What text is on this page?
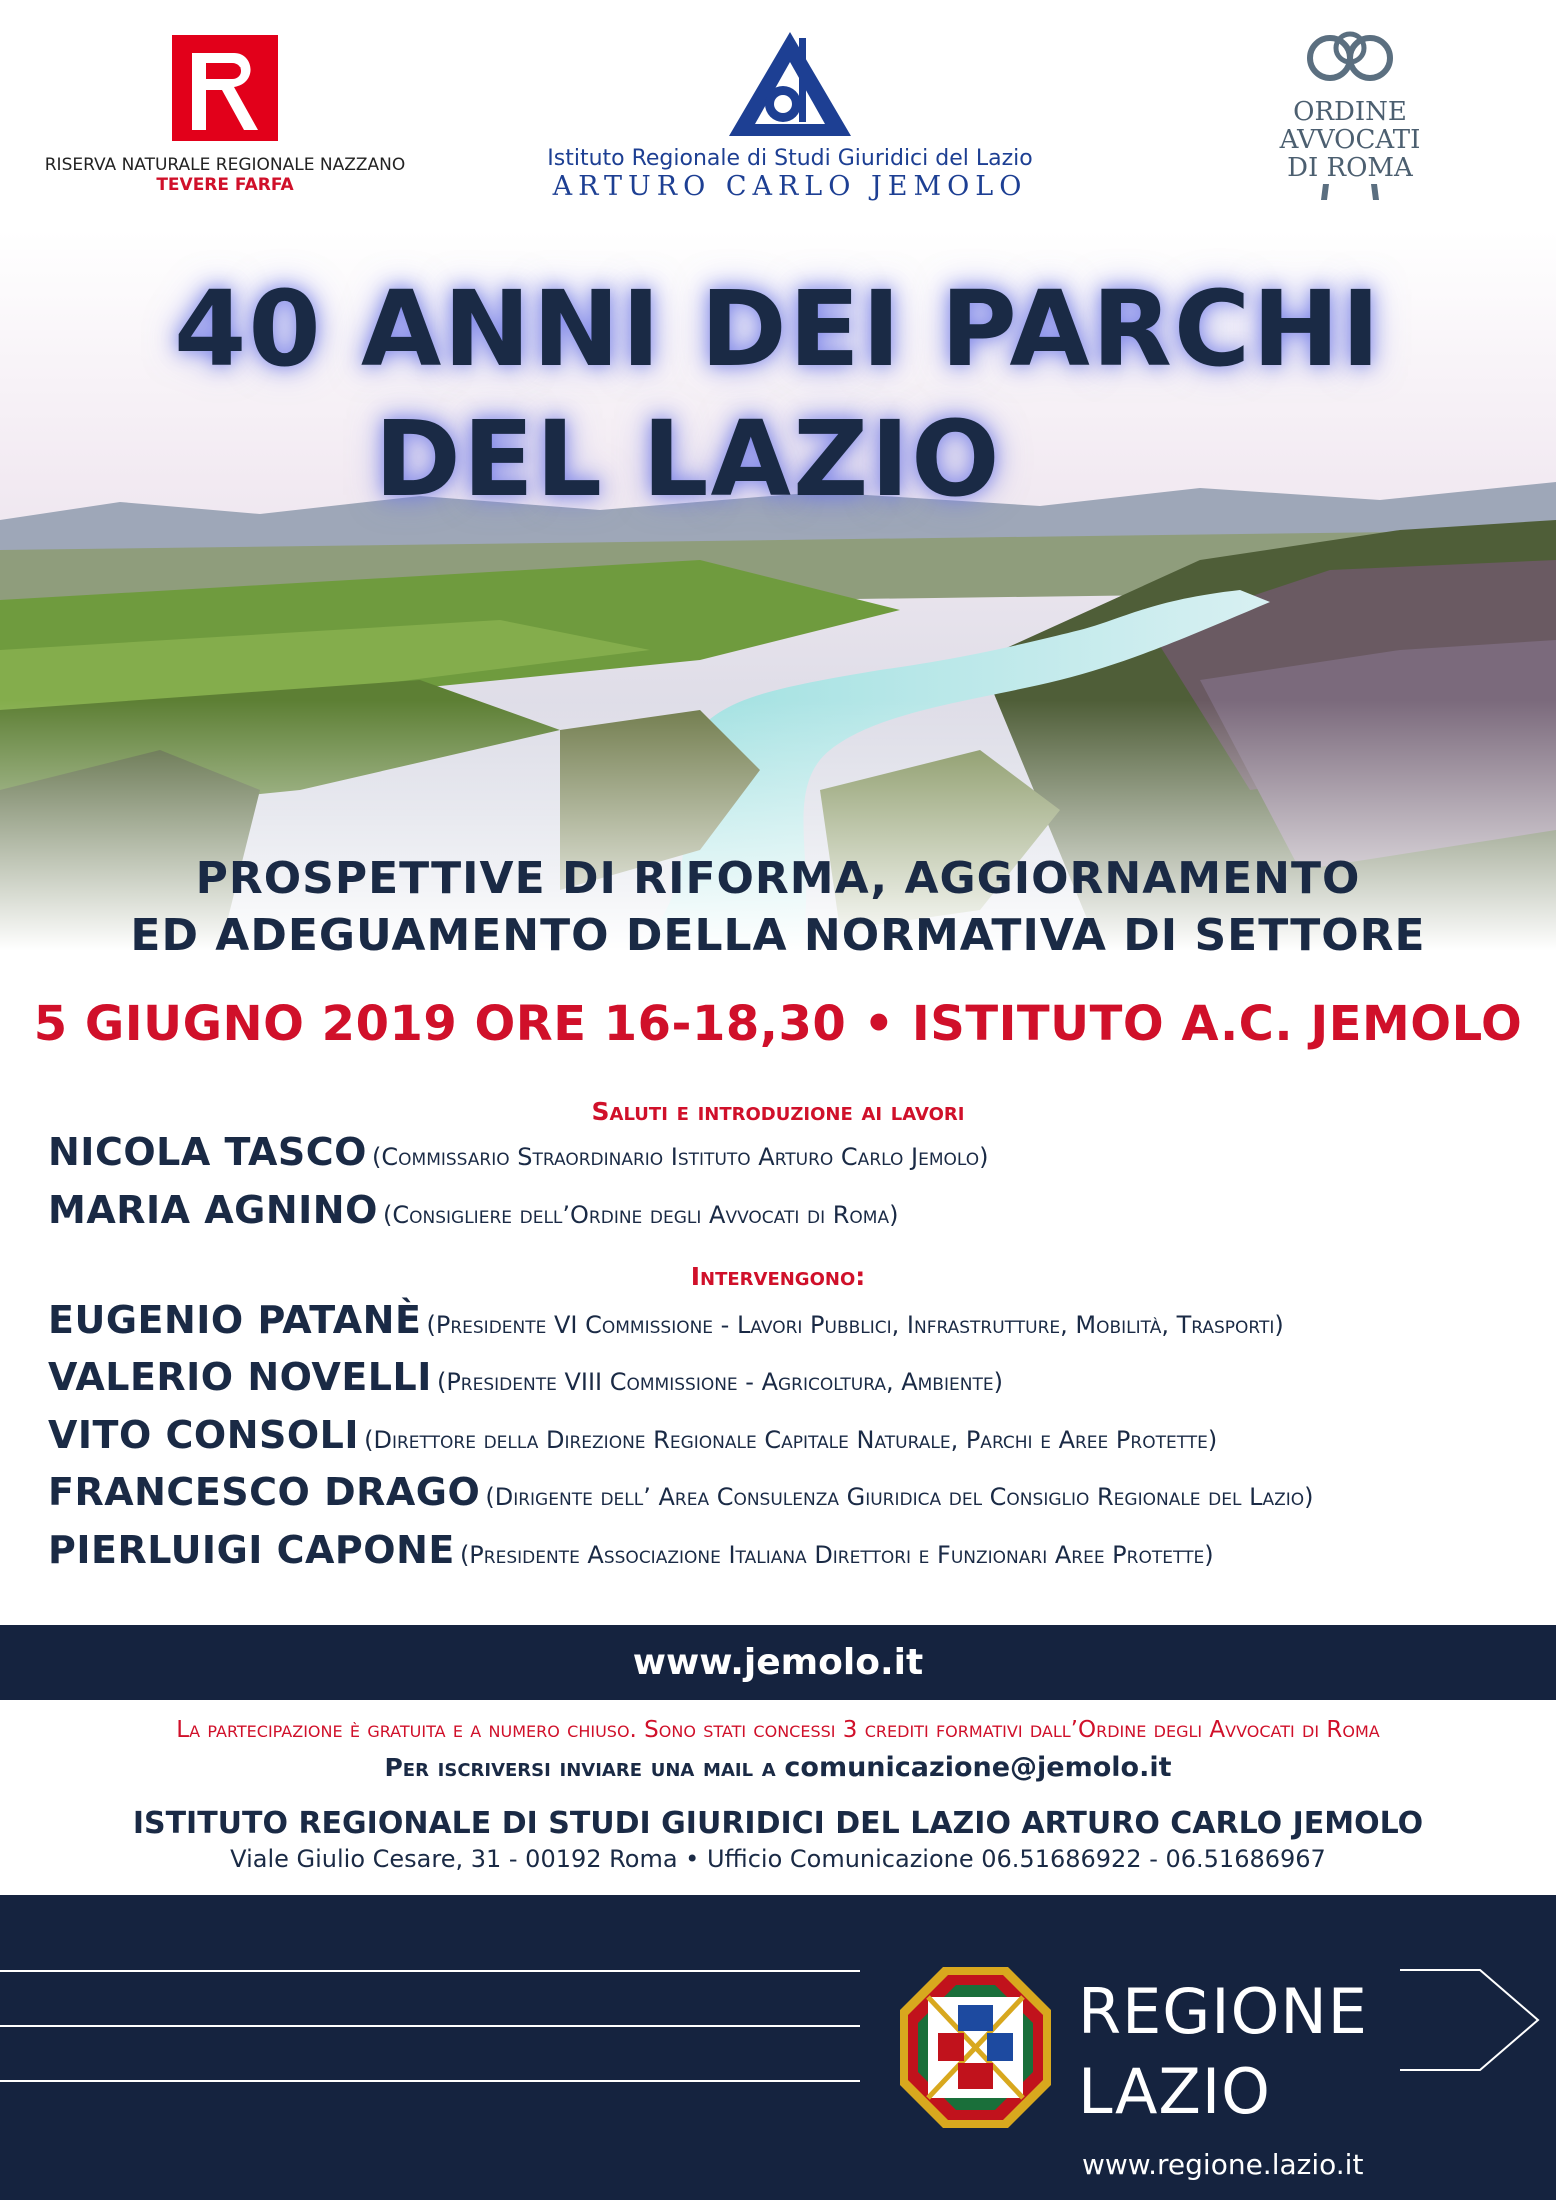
RISERVA NATURALE REGIONALE NAZZANO
TEVERE FARFA
Istituto Regionale di Studi Giuridici del Lazio
ARTURO CARLO JEMOLO
ORDINE
AVVOCATI
DI ROMA
40 ANNI DEI PARCHI
DEL LAZIO
PROSPETTIVE DI RIFORMA, AGGIORNAMENTO
ED ADEGUAMENTO DELLA NORMATIVA DI SETTORE
5 GIUGNO 2019 ORE 16-18,30 • ISTITUTO A.C. JEMOLO
Saluti e introduzione ai lavori
NICOLA TASCO (Commissario Straordinario Istituto Arturo Carlo Jemolo)
MARIA AGNINO (Consigliere dell’Ordine degli Avvocati di Roma)
Intervengono:
EUGENIO PATANÈ (Presidente VI Commissione - Lavori Pubblici, Infrastrutture, Mobilità, Trasporti)
VALERIO NOVELLI (Presidente VIII Commissione - Agricoltura, Ambiente)
VITO CONSOLI (Direttore della Direzione Regionale Capitale Naturale, Parchi e Aree Protette)
FRANCESCO DRAGO (Dirigente dell’ Area Consulenza Giuridica del Consiglio Regionale del Lazio)
PIERLUIGI CAPONE (Presidente Associazione Italiana Direttori e Funzionari Aree Protette)
www.jemolo.it
La partecipazione è gratuita e a numero chiuso. Sono stati concessi 3 crediti formativi dall’Ordine degli Avvocati di Roma
Per iscriversi inviare una mail a comunicazione@jemolo.it
ISTITUTO REGIONALE DI STUDI GIURIDICI DEL LAZIO ARTURO CARLO JEMOLO
Viale Giulio Cesare, 31 - 00192 Roma • Ufficio Comunicazione 06.51686922 - 06.51686967
REGIONE
LAZIO
www.regione.lazio.it
